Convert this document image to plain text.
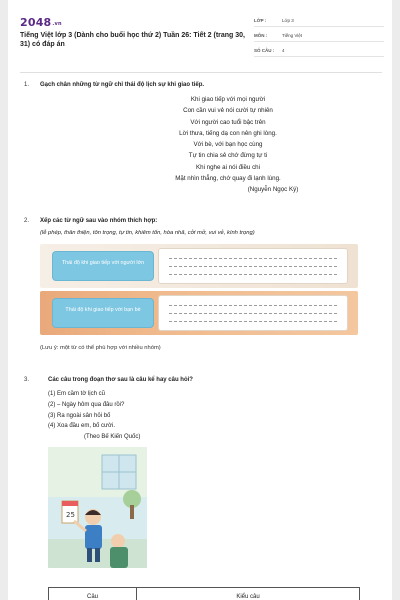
2048.vn
Tiếng Việt lớp 3 (Dành cho buổi học thứ 2) Tuần 26: Tiết 2 (trang 30, 31) có đáp án
LỚP :	Lớp 3
MÔN :	Tiếng Việt
SỐ CÂU :	4
1. Gạch chân những từ ngữ chỉ thái độ lịch sự khi giao tiếp.
Khi giao tiếp với mọi người
Con cần vui vẻ nói cười tự nhiên
Với người cao tuổi bậc trên
Lời thưa, tiếng dạ con nên ghi lòng.
Với bè, với bạn học cùng
Tự tin chia sẻ chớ đừng tự ti
Khi nghe ai nói điều chi
Mặt nhìn thẳng, chớ quay đi lạnh lùng.
(Nguyễn Ngọc Ký)
2. Xếp các từ ngữ sau vào nhóm thích hợp:
(lễ phép, thân thiện, tôn trọng, tự tin, khiêm tốn, hòa nhã, cởi mở, vui vẻ, kính trọng)
Thái độ khi giao tiếp với người lớn
Thái độ khi giao tiếp với bạn bè
(Lưu ý: một từ có thể phù hợp với nhiều nhóm)
3.	Các câu trong đoạn thơ sau là câu kể hay câu hỏi?
(1) Em cầm tờ lịch cũ
(2) – Ngày hôm qua đâu rồi?
(3) Ra ngoài sân hỏi bố
(4) Xoa đầu em, bố cười.
(Theo Bế Kiến Quốc)
25
Câu	Kiểu câu
